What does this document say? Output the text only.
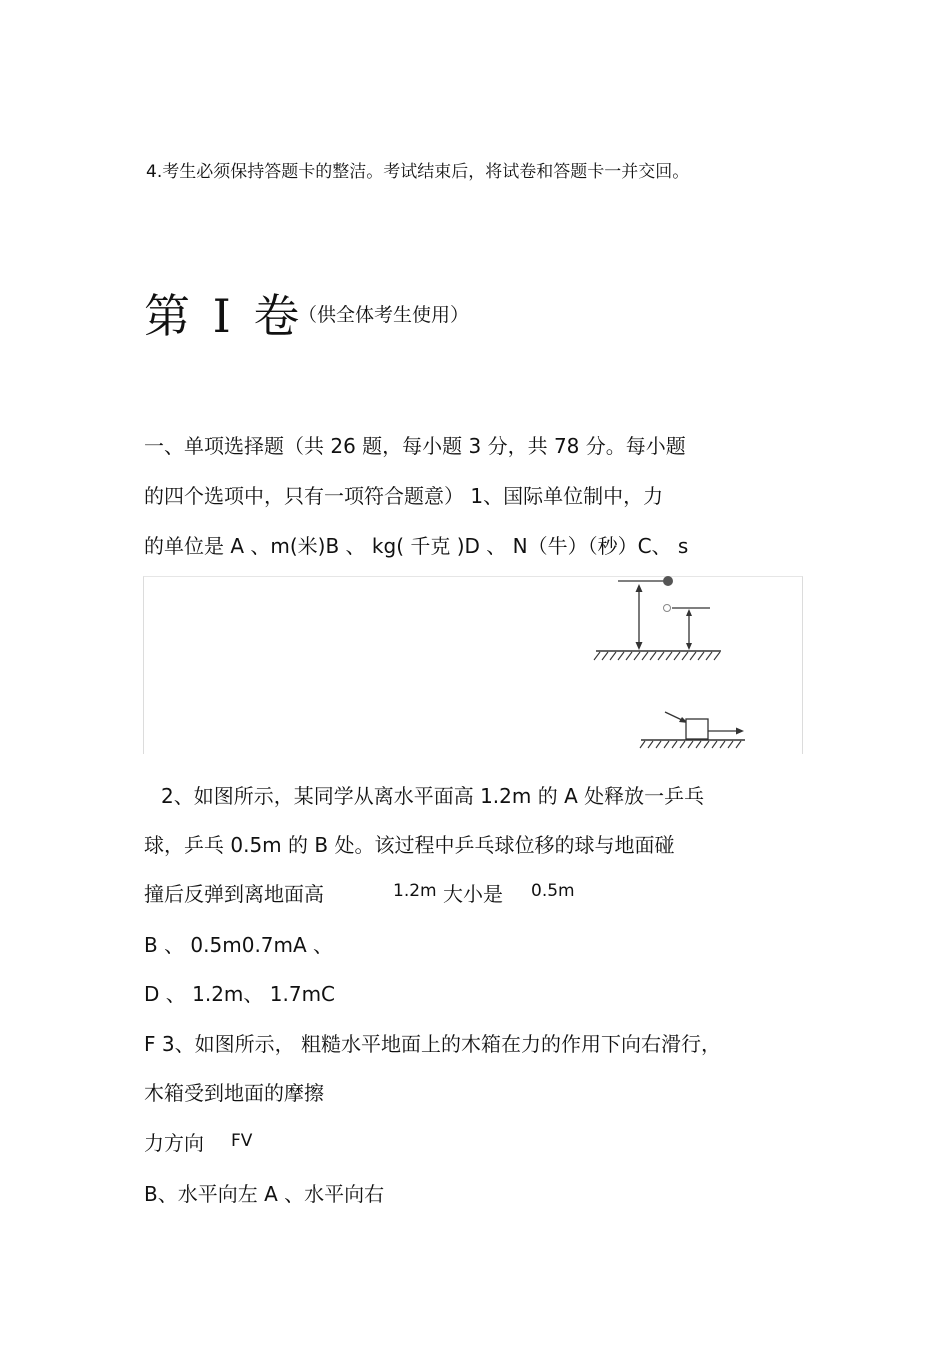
4.考生必须保持答题卡的整洁。考试结束后，将试卷和答题卡一并交回。
第 I 卷
（供全体考生使用）
一、单项选择题（共 26 题，每小题 3 分，共 78 分。每小题
的四个选项中，只有一项符合题意） 1、国际单位制中，力
的单位是 A 、m(米)B 、 kg( 千克 )D 、 N（牛）（秒）C、 s
2、如图所示，某同学从离水平面高 1.2m 的 A 处释放一乒乓
球，乒乓 0.5m 的 B 处。该过程中乒乓球位移的球与地面碰
撞后反弹到离地面高	1.2m 大小是 0.5m
B 、 0.5m0.7mA 、
D 、 1.2m、 1.7mC
F 3、如图所示， 粗糙水平地面上的木箱在力的作用下向右滑行，
木箱受到地面的摩擦
力方向 FV
B、水平向左 A 、水平向右
